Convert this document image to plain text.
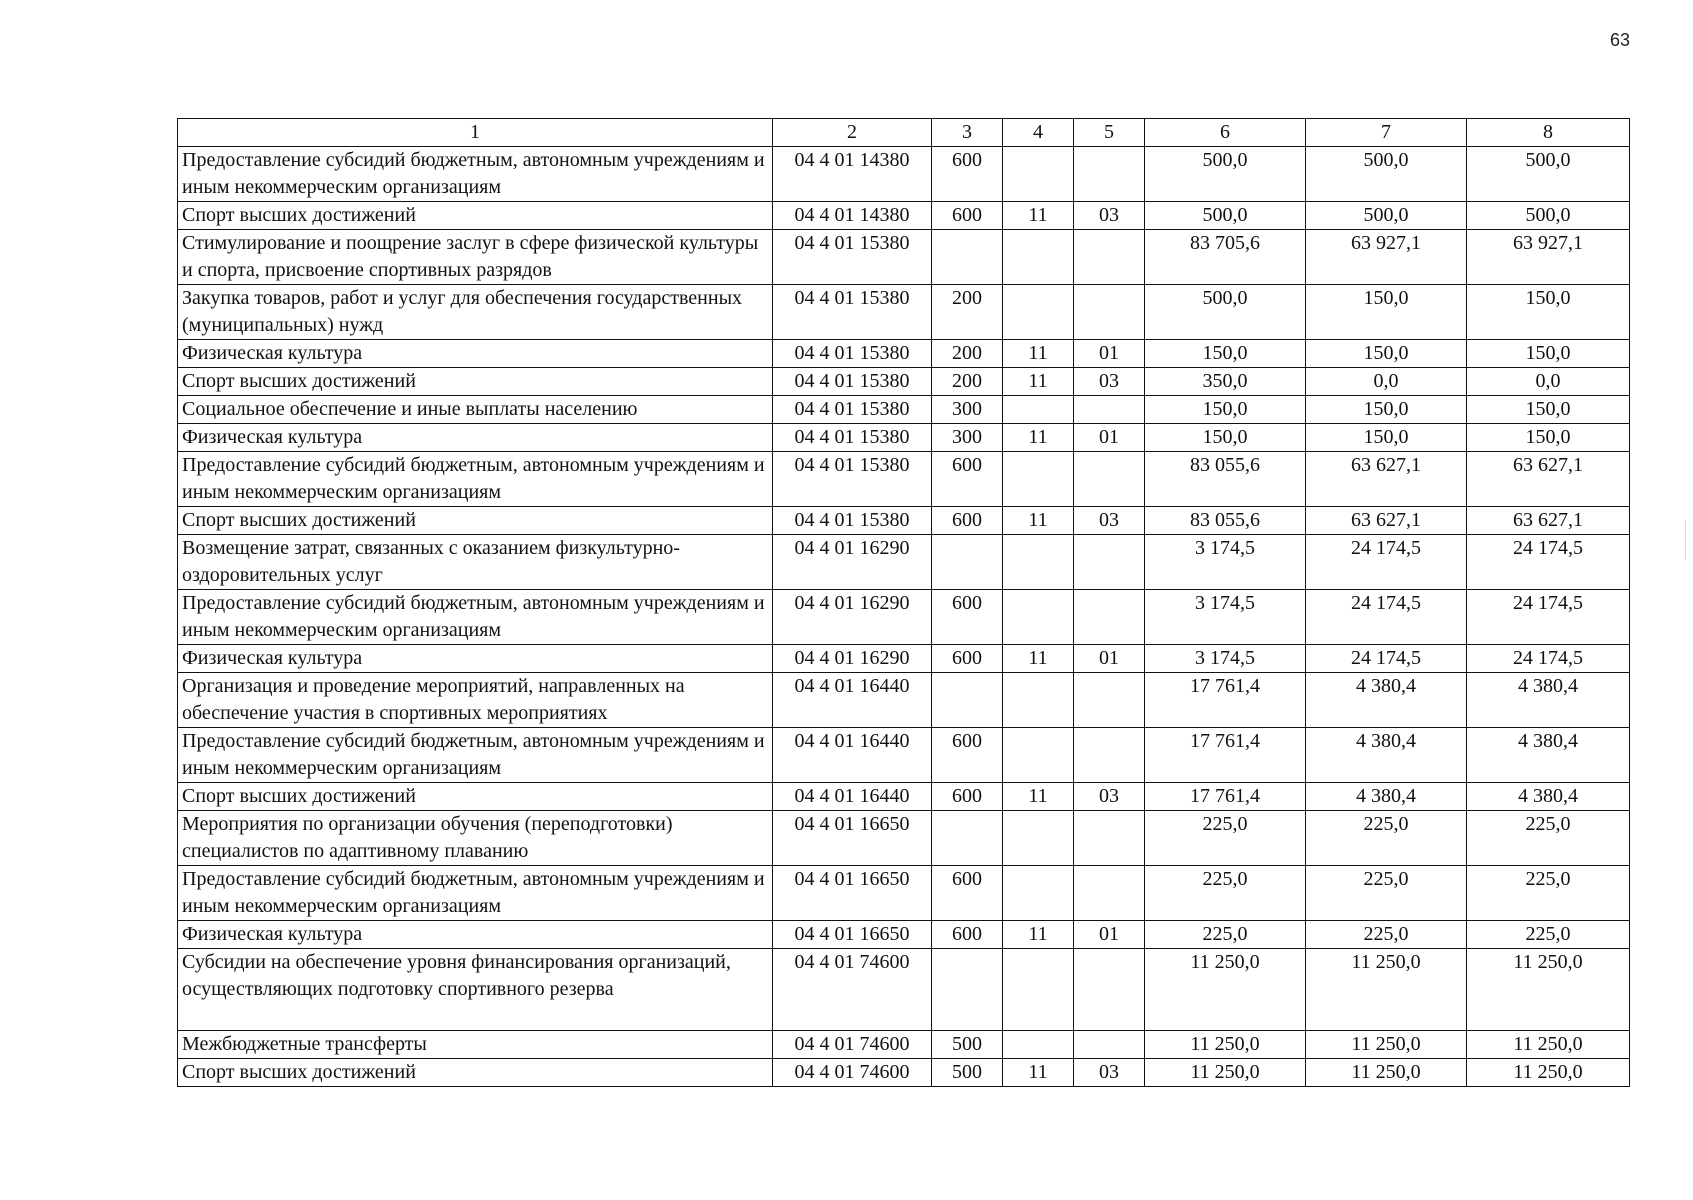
63
1	2	3	4	5	6	7	8
Предоставление субсидий бюджетным, автономным учреждениям и иным некоммерческим организациям	04 4 01 14380	600			500,0	500,0	500,0
Спорт высших достижений	04 4 01 14380	600	11	03	500,0	500,0	500,0
Стимулирование и поощрение заслуг в сфере физической культуры и спорта, присвоение спортивных разрядов	04 4 01 15380				83 705,6	63 927,1	63 927,1
Закупка товаров, работ и услуг для обеспечения государственных (муниципальных) нужд	04 4 01 15380	200			500,0	150,0	150,0
Физическая культура	04 4 01 15380	200	11	01	150,0	150,0	150,0
Спорт высших достижений	04 4 01 15380	200	11	03	350,0	0,0	0,0
Социальное обеспечение и иные выплаты населению	04 4 01 15380	300			150,0	150,0	150,0
Физическая культура	04 4 01 15380	300	11	01	150,0	150,0	150,0
Предоставление субсидий бюджетным, автономным учреждениям и иным некоммерческим организациям	04 4 01 15380	600			83 055,6	63 627,1	63 627,1
Спорт высших достижений	04 4 01 15380	600	11	03	83 055,6	63 627,1	63 627,1
Возмещение затрат, связанных с оказанием физкультурно-оздоровительных услуг	04 4 01 16290				3 174,5	24 174,5	24 174,5
Предоставление субсидий бюджетным, автономным учреждениям и иным некоммерческим организациям	04 4 01 16290	600			3 174,5	24 174,5	24 174,5
Физическая культура	04 4 01 16290	600	11	01	3 174,5	24 174,5	24 174,5
Организация и проведение мероприятий, направленных на обеспечение участия в спортивных мероприятиях	04 4 01 16440				17 761,4	4 380,4	4 380,4
Предоставление субсидий бюджетным, автономным учреждениям и иным некоммерческим организациям	04 4 01 16440	600			17 761,4	4 380,4	4 380,4
Спорт высших достижений	04 4 01 16440	600	11	03	17 761,4	4 380,4	4 380,4
Мероприятия по организации обучения (переподготовки) специалистов по адаптивному плаванию	04 4 01 16650				225,0	225,0	225,0
Предоставление субсидий бюджетным, автономным учреждениям и иным некоммерческим организациям	04 4 01 16650	600			225,0	225,0	225,0
Физическая культура	04 4 01 16650	600	11	01	225,0	225,0	225,0
Субсидии на обеспечение уровня финансирования организаций, осуществляющих подготовку спортивного резерва	04 4 01 74600				11 250,0	11 250,0	11 250,0
Межбюджетные трансферты	04 4 01 74600	500			11 250,0	11 250,0	11 250,0
Спорт высших достижений	04 4 01 74600	500	11	03	11 250,0	11 250,0	11 250,0
